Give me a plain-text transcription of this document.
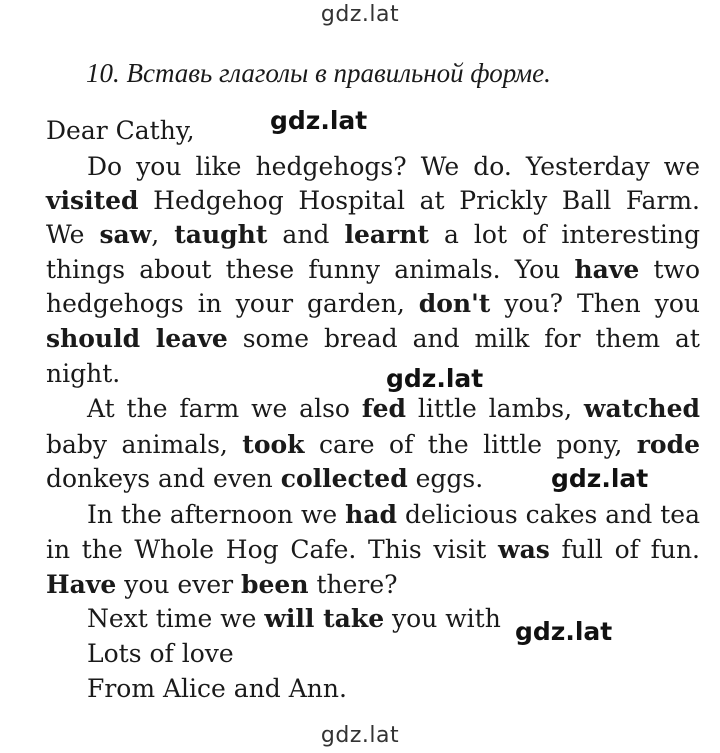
gdz.lat
10. Вставь глаголы в правильной форме.
Dear Cathy,	gdz.lat
Do you like hedgehogs? We do. Yesterday we
visited Hedgehog Hospital at Prickly Ball Farm.
We saw, taught and learnt a lot of interesting
things about these funny animals. You have two
hedgehogs in your garden, don't you? Then you
should leave some bread and milk for them at
night.	gdz.lat
At the farm we also fed little lambs, watched
baby animals, took care of the little pony, rode
donkeys and even collected eggs.	gdz.lat
In the afternoon we had delicious cakes and tea
in the Whole Hog Cafe. This visit was full of fun.
Have you ever been there?
Next time we will take you with gdz.lat
Lots of love
From Alice and Ann.
gdz.lat
